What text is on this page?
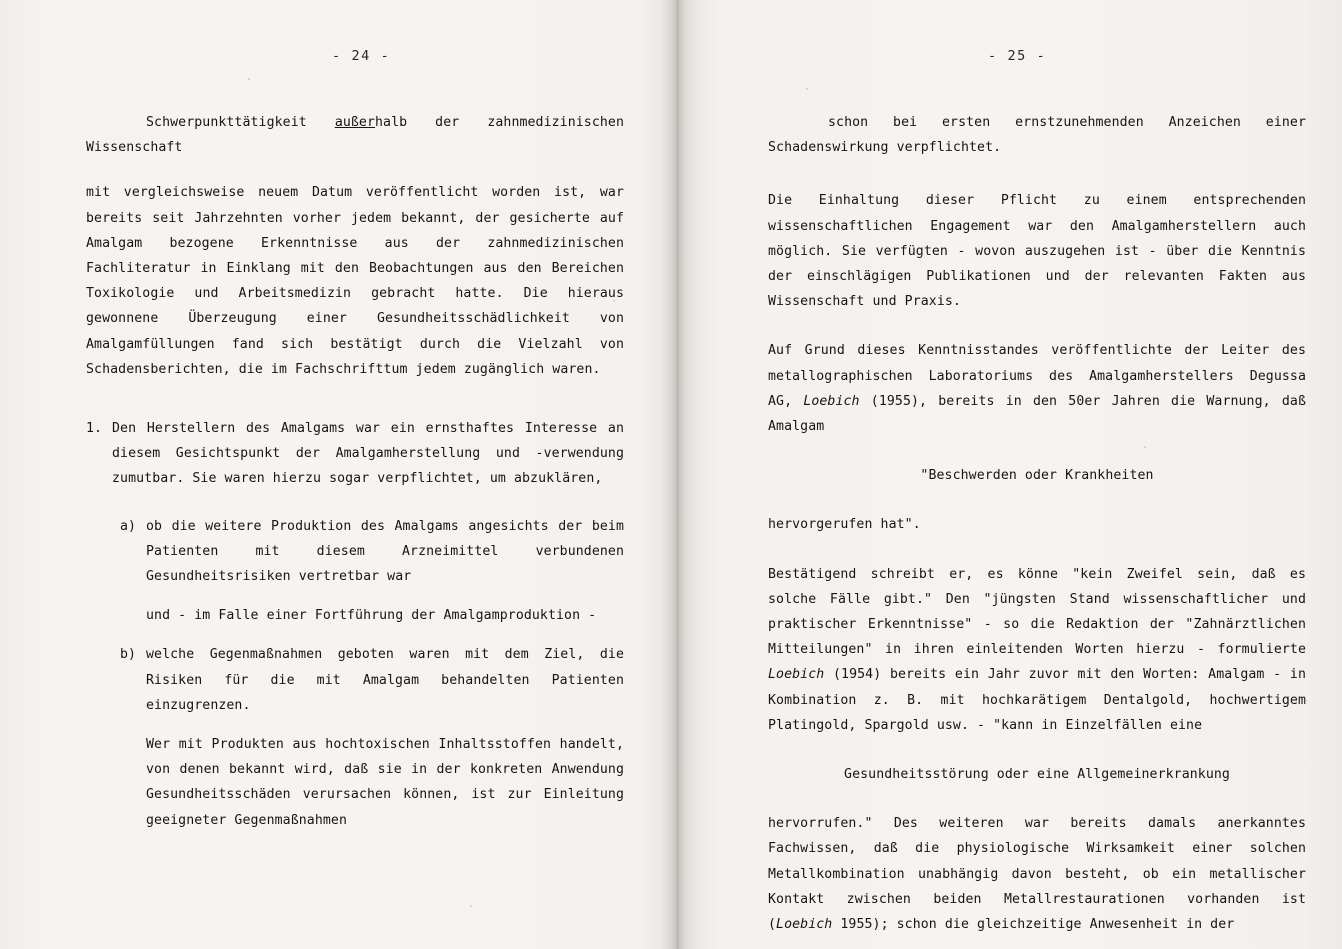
- 24 -

Schwerpunkttätigkeit außerhalb der zahnmedizinischen Wissenschaft

mit vergleichsweise neuem Datum veröffentlicht worden ist, war bereits seit Jahrzehnten vorher jedem bekannt, der gesicherte auf Amalgam bezogene Erkenntnisse aus der zahnmedizinischen Fachliteratur in Einklang mit den Beobachtungen aus den Bereichen Toxikologie und Arbeitsmedizin gebracht hatte. Die hieraus gewonnene Überzeugung einer Gesundheitsschädlichkeit von Amalgamfüllungen fand sich bestätigt durch die Vielzahl von Schadensberichten, die im Fachschrifttum jedem zugänglich waren.

1. Den Herstellern des Amalgams war ein ernsthaftes Interesse an diesem Gesichtspunkt der Amalgamherstellung und -verwendung zumutbar. Sie waren hierzu sogar verpflichtet, um abzuklären,

a) ob die weitere Produktion des Amalgams angesichts der beim Patienten mit diesem Arzneimittel verbundenen Gesundheitsrisiken vertretbar war

und - im Falle einer Fortführung der Amalgamproduktion -

b) welche Gegenmaßnahmen geboten waren mit dem Ziel, die Risiken für die mit Amalgam behandelten Patienten einzugrenzen.

Wer mit Produkten aus hochtoxischen Inhaltsstoffen handelt, von denen bekannt wird, daß sie in der konkreten Anwendung Gesundheitsschäden verursachen können, ist zur Einleitung geeigneter Gegenmaßnahmen

- 25 -

schon bei ersten ernstzunehmenden Anzeichen einer Schadenswirkung verpflichtet.

Die Einhaltung dieser Pflicht zu einem entsprechenden wissenschaftlichen Engagement war den Amalgamherstellern auch möglich. Sie verfügten - wovon auszugehen ist - über die Kenntnis der einschlägigen Publikationen und der relevanten Fakten aus Wissenschaft und Praxis.

Auf Grund dieses Kenntnisstandes veröffentlichte der Leiter des metallographischen Laboratoriums des Amalgamherstellers Degussa AG, Loebich (1955), bereits in den 50er Jahren die Warnung, daß Amalgam

"Beschwerden oder Krankheiten

hervorgerufen hat".

Bestätigend schreibt er, es könne "kein Zweifel sein, daß es solche Fälle gibt." Den "jüngsten Stand wissenschaftlicher und praktischer Erkenntnisse" - so die Redaktion der "Zahnärztlichen Mitteilungen" in ihren einleitenden Worten hierzu - formulierte Loebich (1954) bereits ein Jahr zuvor mit den Worten: Amalgam - in Kombination z. B. mit hochkarätigem Dentalgold, hochwertigem Platingold, Spargold usw. - "kann in Einzelfällen eine

Gesundheitsstörung oder eine Allgemeinerkrankung

hervorrufen." Des weiteren war bereits damals anerkanntes Fachwissen, daß die physiologische Wirksamkeit einer solchen Metallkombination unabhängig davon besteht, ob ein metallischer Kontakt zwischen beiden Metallrestaurationen vorhanden ist (Loebich 1955); schon die gleichzeitige Anwesenheit in der
